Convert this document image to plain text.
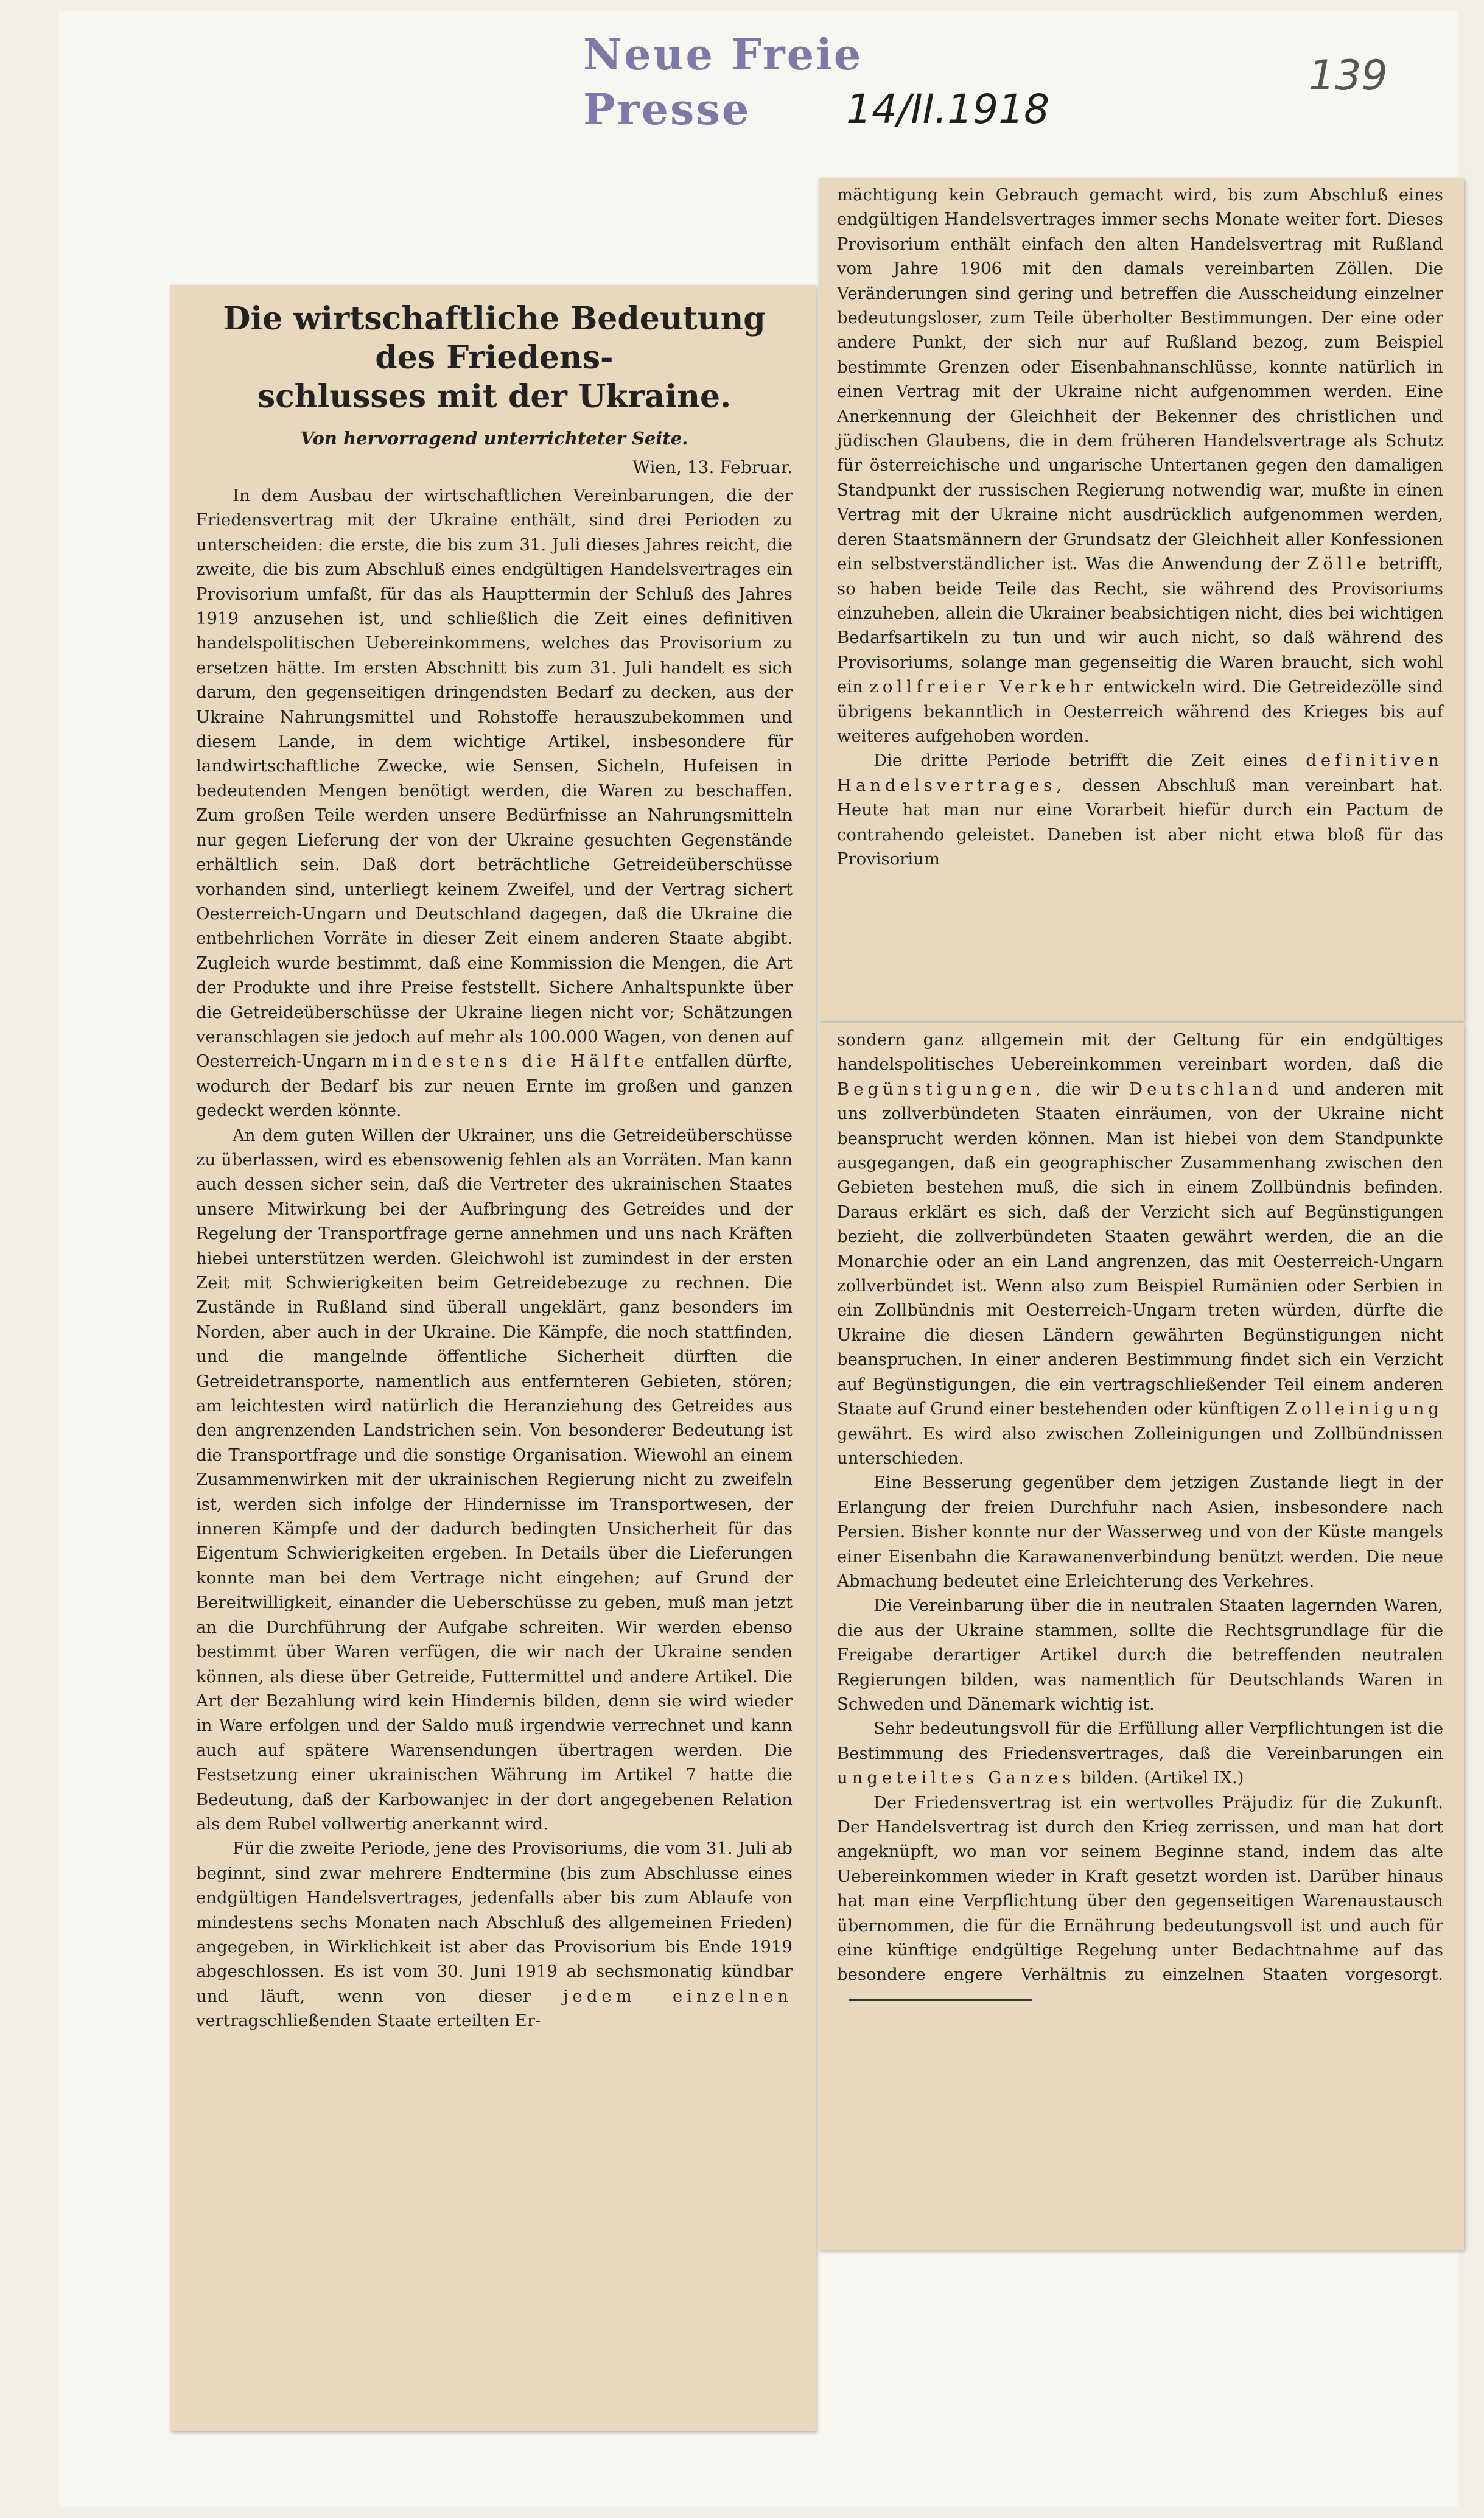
Neue Freie Presse	14/II.1918
139
Die wirtschaftliche Bedeutung des Friedens-
schlusses mit der Ukraine.
Von hervorragend unterrichteter Seite.
Wien, 13. Februar.

In dem Ausbau der wirtschaftlichen Vereinbarungen, die der Friedensvertrag mit der Ukraine enthält, sind drei Perioden zu unterscheiden: die erste, die bis zum 31. Juli dieses Jahres reicht, die zweite, die bis zum Abschluß eines endgültigen Handelsvertrages ein Provisorium umfaßt, für das als Haupttermin der Schluß des Jahres 1919 anzusehen ist, und schließlich die Zeit eines definitiven handelspolitischen Uebereinkommens, welches das Provisorium zu ersetzen hätte. Im ersten Abschnitt bis zum 31. Juli handelt es sich darum, den gegenseitigen dringendsten Bedarf zu decken, aus der Ukraine Nahrungsmittel und Rohstoffe herauszubekommen und diesem Lande, in dem wichtige Artikel, insbesondere für landwirtschaftliche Zwecke, wie Sensen, Sicheln, Hufeisen in bedeutenden Mengen benötigt werden, die Waren zu beschaffen. Zum großen Teile werden unsere Bedürfnisse an Nahrungsmitteln nur gegen Lieferung der von der Ukraine gesuchten Gegenstände erhältlich sein. Daß dort beträchtliche Getreideüberschüsse vorhanden sind, unterliegt keinem Zweifel, und der Vertrag sichert Oesterreich-Ungarn und Deutschland dagegen, daß die Ukraine die entbehrlichen Vorräte in dieser Zeit einem anderen Staate abgibt. Zugleich wurde bestimmt, daß eine Kommission die Mengen, die Art der Produkte und ihre Preise feststellt. Sichere Anhaltspunkte über die Getreideüberschüsse der Ukraine liegen nicht vor; Schätzungen veranschlagen sie jedoch auf mehr als 100.000 Wagen, von denen auf Oesterreich-Ungarn mindestens die Hälfte entfallen dürfte, wodurch der Bedarf bis zur neuen Ernte im großen und ganzen gedeckt werden könnte.

An dem guten Willen der Ukrainer, uns die Getreideüberschüsse zu überlassen, wird es ebensowenig fehlen als an Vorräten. Man kann auch dessen sicher sein, daß die Vertreter des ukrainischen Staates unsere Mitwirkung bei der Aufbringung des Getreides und der Regelung der Transportfrage gerne annehmen und uns nach Kräften hiebei unterstützen werden. Gleichwohl ist zumindest in der ersten Zeit mit Schwierigkeiten beim Getreidebezuge zu rechnen. Die Zustände in Rußland sind überall ungeklärt, ganz besonders im Norden, aber auch in der Ukraine. Die Kämpfe, die noch stattfinden, und die mangelnde öffentliche Sicherheit dürften die Getreidetransporte, namentlich aus entfernteren Gebieten, stören; am leichtesten wird natürlich die Heranziehung des Getreides aus den angrenzenden Landstrichen sein. Von besonderer Bedeutung ist die Transportfrage und die sonstige Organisation. Wiewohl an einem Zusammenwirken mit der ukrainischen Regierung nicht zu zweifeln ist, werden sich infolge der Hindernisse im Transportwesen, der inneren Kämpfe und der dadurch bedingten Unsicherheit für das Eigentum Schwierigkeiten ergeben. In Details über die Lieferungen konnte man bei dem Vertrage nicht eingehen; auf Grund der Bereitwilligkeit, einander die Ueberschüsse zu geben, muß man jetzt an die Durchführung der Aufgabe schreiten. Wir werden ebenso bestimmt über Waren verfügen, die wir nach der Ukraine senden können, als diese über Getreide, Futtermittel und andere Artikel. Die Art der Bezahlung wird kein Hindernis bilden, denn sie wird wieder in Ware erfolgen und der Saldo muß irgendwie verrechnet und kann auch auf spätere Warensendungen übertragen werden. Die Festsetzung einer ukrainischen Währung im Artikel 7 hatte die Bedeutung, daß der Karbowanjec in der dort angegebenen Relation als dem Rubel vollwertig anerkannt wird.

Für die zweite Periode, jene des Provisoriums, die vom 31. Juli ab beginnt, sind zwar mehrere Endtermine (bis zum Abschlusse eines endgültigen Handelsvertrages, jedenfalls aber bis zum Ablaufe von mindestens sechs Monaten nach Abschluß des allgemeinen Frieden) angegeben, in Wirklichkeit ist aber das Provisorium bis Ende 1919 abgeschlossen. Es ist vom 30. Juni 1919 ab sechsmonatig kündbar und läuft, wenn von dieser jedem einzelnen vertragschließenden Staate erteilten Er-

mächtigung kein Gebrauch gemacht wird, bis zum Abschluß eines endgültigen Handelsvertrages immer sechs Monate weiter fort. Dieses Provisorium enthält einfach den alten Handelsvertrag mit Rußland vom Jahre 1906 mit den damals vereinbarten Zöllen. Die Veränderungen sind gering und betreffen die Ausscheidung einzelner bedeutungsloser, zum Teile überholter Bestimmungen. Der eine oder andere Punkt, der sich nur auf Rußland bezog, zum Beispiel bestimmte Grenzen oder Eisenbahnanschlüsse, konnte natürlich in einen Vertrag mit der Ukraine nicht aufgenommen werden. Eine Anerkennung der Gleichheit der Bekenner des christlichen und jüdischen Glaubens, die in dem früheren Handelsvertrage als Schutz für österreichische und ungarische Untertanen gegen den damaligen Standpunkt der russischen Regierung notwendig war, mußte in einen Vertrag mit der Ukraine nicht ausdrücklich aufgenommen werden, deren Staatsmännern der Grundsatz der Gleichheit aller Konfessionen ein selbstverständlicher ist. Was die Anwendung der Zölle betrifft, so haben beide Teile das Recht, sie während des Provisoriums einzuheben, allein die Ukrainer beabsichtigen nicht, dies bei wichtigen Bedarfsartikeln zu tun und wir auch nicht, so daß während des Provisoriums, solange man gegenseitig die Waren braucht, sich wohl ein zollfreier Verkehr entwickeln wird. Die Getreidezölle sind übrigens bekanntlich in Oesterreich während des Krieges bis auf weiteres aufgehoben worden.

Die dritte Periode betrifft die Zeit eines definitiven Handelsvertrages, dessen Abschluß man vereinbart hat. Heute hat man nur eine Vorarbeit hiefür durch ein Pactum de contrahendo geleistet. Daneben ist aber nicht etwa bloß für das Provisorium

sondern ganz allgemein mit der Geltung für ein endgültiges handelspolitisches Uebereinkommen vereinbart worden, daß die Begünstigungen, die wir Deutschland und anderen mit uns zollverbündeten Staaten einräumen, von der Ukraine nicht beansprucht werden können. Man ist hiebei von dem Standpunkte ausgegangen, daß ein geographischer Zusammenhang zwischen den Gebieten bestehen muß, die sich in einem Zollbündnis befinden. Daraus erklärt es sich, daß der Verzicht sich auf Begünstigungen bezieht, die zollverbündeten Staaten gewährt werden, die an die Monarchie oder an ein Land angrenzen, das mit Oesterreich-Ungarn zollverbündet ist. Wenn also zum Beispiel Rumänien oder Serbien in ein Zollbündnis mit Oesterreich-Ungarn treten würden, dürfte die Ukraine die diesen Ländern gewährten Begünstigungen nicht beanspruchen. In einer anderen Bestimmung findet sich ein Verzicht auf Begünstigungen, die ein vertragschließender Teil einem anderen Staate auf Grund einer bestehenden oder künftigen Zolleinigung gewährt. Es wird also zwischen Zolleinigungen und Zollbündnissen unterschieden.

Eine Besserung gegenüber dem jetzigen Zustande liegt in der Erlangung der freien Durchfuhr nach Asien, insbesondere nach Persien. Bisher konnte nur der Wasserweg und von der Küste mangels einer Eisenbahn die Karawanenverbindung benützt werden. Die neue Abmachung bedeutet eine Erleichterung des Verkehres.

Die Vereinbarung über die in neutralen Staaten lagernden Waren, die aus der Ukraine stammen, sollte die Rechtsgrundlage für die Freigabe derartiger Artikel durch die betreffenden neutralen Regierungen bilden, was namentlich für Deutschlands Waren in Schweden und Dänemark wichtig ist.

Sehr bedeutungsvoll für die Erfüllung aller Verpflichtungen ist die Bestimmung des Friedensvertrages, daß die Vereinbarungen ein ungeteiltes Ganzes bilden. (Artikel IX.)

Der Friedensvertrag ist ein wertvolles Präjudiz für die Zukunft. Der Handelsvertrag ist durch den Krieg zerrissen, und man hat dort angeknüpft, wo man vor seinem Beginne stand, indem das alte Uebereinkommen wieder in Kraft gesetzt worden ist. Darüber hinaus hat man eine Verpflichtung über den gegenseitigen Warenaustausch übernommen, die für die Ernährung bedeutungsvoll ist und auch für eine künftige endgültige Regelung unter Bedachtnahme auf das besondere engere Verhältnis zu einzelnen Staaten vorgesorgt.
